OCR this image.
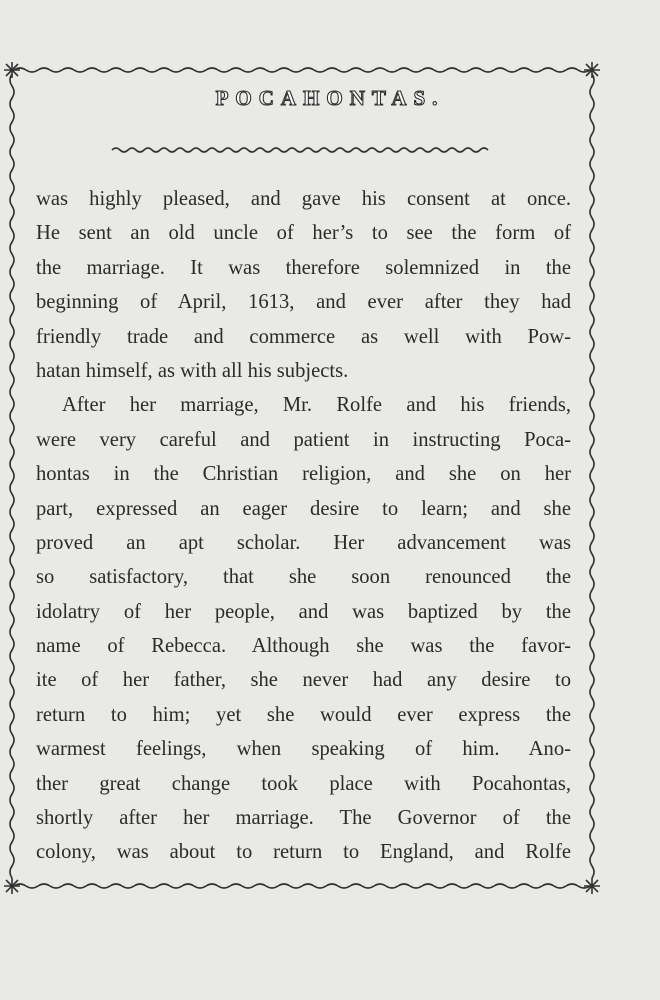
POCAHONTAS.
was highly pleased, and gave his consent at once.
He sent an old uncle of her’s to see the form of
the marriage. It was therefore solemnized in the
beginning of April, 1613, and ever after they had
friendly trade and commerce as well with Pow-
hatan himself, as with all his subjects.
After her marriage, Mr. Rolfe and his friends,
were very careful and patient in instructing Poca-
hontas in the Christian religion, and she on her
part, expressed an eager desire to learn; and she
proved an apt scholar. Her advancement was
so satisfactory, that she soon renounced the
idolatry of her people, and was baptized by the
name of Rebecca. Although she was the favor-
ite of her father, she never had any desire to
return to him; yet she would ever express the
warmest feelings, when speaking of him. Ano-
ther great change took place with Pocahontas,
shortly after her marriage. The Governor of the
colony, was about to return to England, and Rolfe
